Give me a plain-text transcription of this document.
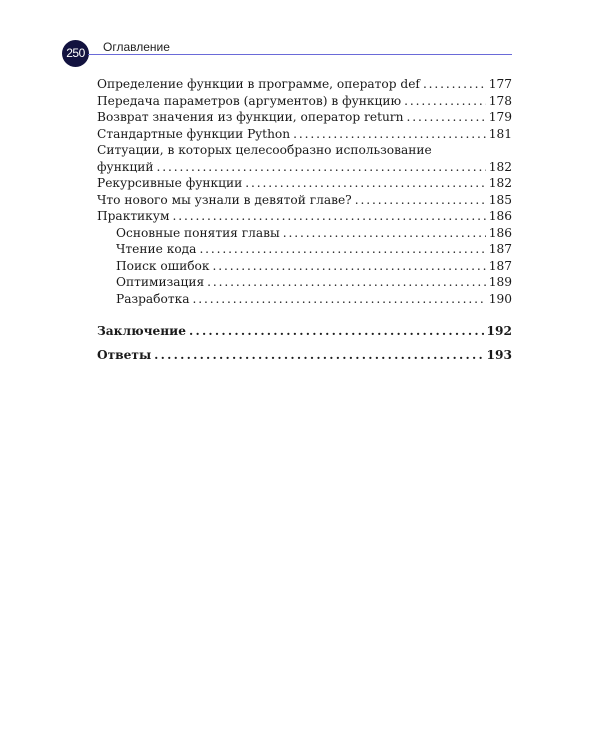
250	Оглавление
Определение функции в программе, оператор def . . .	177
Передача параметров (аргументов) в функцию . . .	178
Возврат значения из функции, оператор return . . .	179
Стандартные функции Python . . .	181
Ситуации, в которых целесообразно использование
функций . . .	182
Рекурсивные функции . . .	182
Что нового мы узнали в девятой главе? . . .	185
Практикум . . .	186
Основные понятия главы . . .	186
Чтение кода . . .	187
Поиск ошибок . . .	187
Оптимизация . . .	189
Разработка . . .	190
Заключение . . .	192
Ответы . . .	193
